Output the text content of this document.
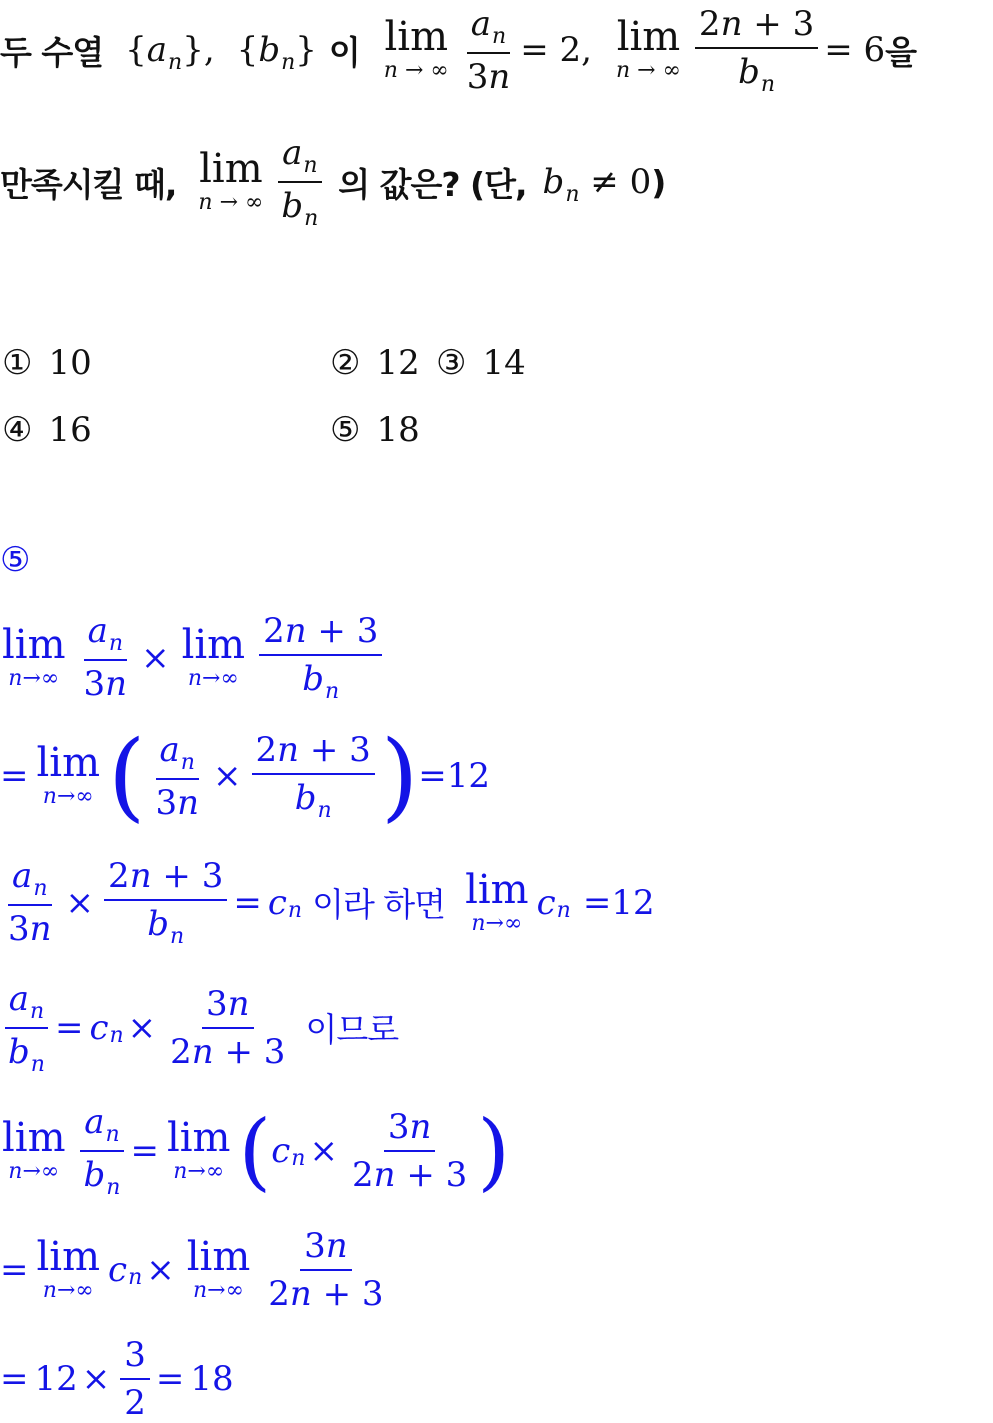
두 수열 $\{a_n\}$, $\{b_n\}$ 이 lim
n → ∞ $\frac{a_n}{3n} = 2$, lim
n → ∞ $\frac{2n + 3}{b_n} = 6$ 을
만족시킬 때, lim
n → ∞ $\frac{a_n}{b_n}$ 의 값은? (단, $b_n \ne 0$ )
① 10	② 12 ③ 14
④ 16	⑤ 18
⑤
lim
$n\to\infty \frac{a_n}{3n} \times \lim$
$n\to\infty \frac{2n + 3}{b_n}$
= lim
n→∞ ( $\frac{a_n}{3n} \times \frac{2n + 3}{b_n}$ ) = 12
$\frac{a_n}{3n} \times \frac{2n + 3}{b_n} = c$ n 이라 하면 lim
n→∞
c n = 12
$\frac{a_n}{b_n} = c$ $n \times \frac{3n}{2n + 3}$ 이므로
lim
$n\to\infty \frac{a_n}{b_n} = \lim$
n→∞ ( c $n \times \frac{3n}{2n + 3}$ )
= lim
n→∞
c n × lim
$n\to\infty \frac{3n}{2n + 3}$
= $12 \times \frac{3}{2} = 18$
